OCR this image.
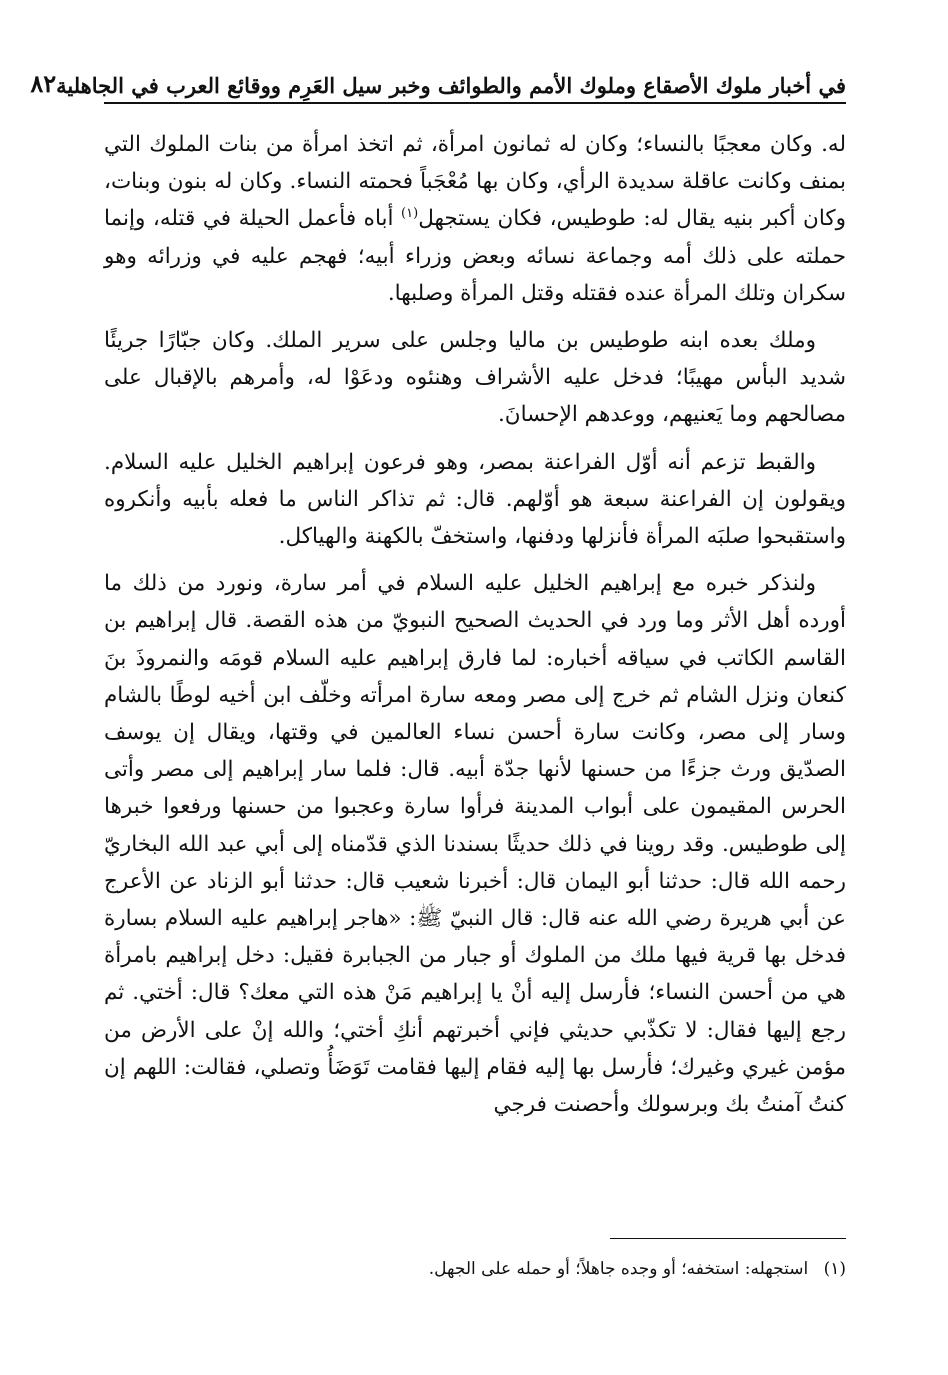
في أخبار ملوك الأصقاع وملوك الأمم والطوائف وخبر سيل العَرِم ووقائع العرب في الجاهلية
٨٢

له. وكان معجبًا بالنساء؛ وكان له ثمانون امرأة، ثم اتخذ امرأة من بنات الملوك التي بمنف وكانت عاقلة سديدة الرأي، وكان بها مُعْجَباً فحمته النساء. وكان له بنون وبنات، وكان أكبر بنيه يقال له: طوطيس، فكان يستجهل$^{(١)}$ أباه فأعمل الحيلة في قتله، وإنما حملته على ذلك أمه وجماعة نسائه وبعض وزراء أبيه؛ فهجم عليه في وزرائه وهو سكران وتلك المرأة عنده فقتله وقتل المرأة وصلبها.

وملك بعده ابنه طوطيس بن ماليا وجلس على سرير الملك. وكان جبّارًا جريئًا شديد البأس مهيبًا؛ فدخل عليه الأشراف وهنئوه ودعَوْا له، وأمرهم بالإقبال على مصالحهم وما يَعنيهم، ووعدهم الإحسانَ.

والقبط تزعم أنه أوّل الفراعنة بمصر، وهو فرعون إبراهيم الخليل عليه السلام. ويقولون إن الفراعنة سبعة هو أوّلهم. قال: ثم تذاكر الناس ما فعله بأبيه وأنكروه واستقبحوا صلبَه المرأة فأنزلها ودفنها، واستخفّ بالكهنة والهياكل.

ولنذكر خبره مع إبراهيم الخليل عليه السلام في أمر سارة، ونورد من ذلك ما أورده أهل الأثر وما ورد في الحديث الصحيح النبويّ من هذه القصة. قال إبراهيم بن القاسم الكاتب في سياقه أخباره: لما فارق إبراهيم عليه السلام قومَه والنمروذَ بنَ كنعان ونزل الشام ثم خرج إلى مصر ومعه سارة امرأته وخلّف ابن أخيه لوطًا بالشام وسار إلى مصر، وكانت سارة أحسن نساء العالمين في وقتها، ويقال إن يوسف الصدّيق ورث جزءًا من حسنها لأنها جدّة أبيه. قال: فلما سار إبراهيم إلى مصر وأتى الحرس المقيمون على أبواب المدينة فرأوا سارة وعجبوا من حسنها ورفعوا خبرها إلى طوطيس. وقد روينا في ذلك حديثًا بسندنا الذي قدّمناه إلى أبي عبد الله البخاريّ رحمه الله قال: حدثنا أبو اليمان قال: أخبرنا شعيب قال: حدثنا أبو الزناد عن الأعرج عن أبي هريرة رضي الله عنه قال: قال النبيّ ﷺ: «هاجر إبراهيم عليه السلام بسارة فدخل بها قرية فيها ملك من الملوك أو جبار من الجبابرة فقيل: دخل إبراهيم بامرأة هي من أحسن النساء؛ فأرسل إليه أنْ يا إبراهيم مَنْ هذه التي معك؟ قال: أختي. ثم رجع إليها فقال: لا تكذّبي حديثي فإني أخبرتهم أنكِ أختي؛ والله إنْ على الأرض من مؤمن غيري وغيرك؛ فأرسل بها إليه فقام إليها فقامت تَوَضَأُ وتصلي، فقالت: اللهم إن كنتُ آمنتُ بك وبرسولك وأحصنت فرجي

(١) استجهله: استخفه؛ أو وجده جاهلاً؛ أو حمله على الجهل.
